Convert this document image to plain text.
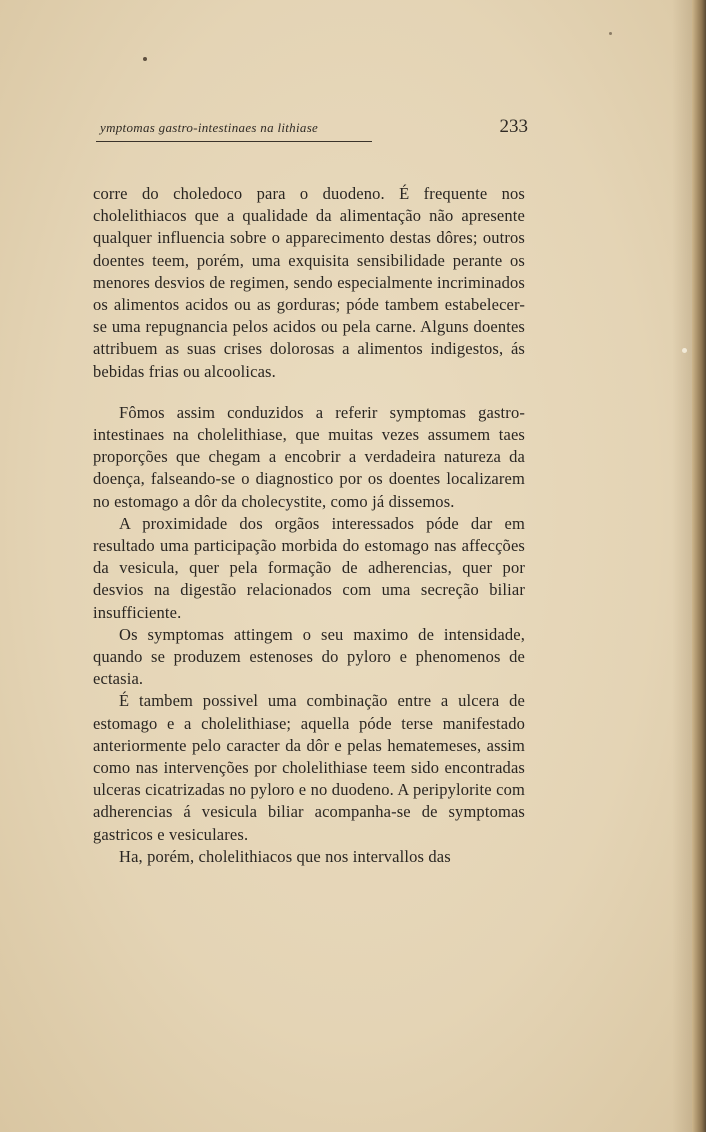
ymptomas gastro-intestinaes na lithiase	233

corre do choledoco para o duodeno. É frequente nos cholelithiacos que a qualidade da alimentação não apresente qualquer influencia sobre o apparecimento destas dôres; outros doentes teem, porém, uma exquisita sensibilidade perante os menores desvios de regimen, sendo especialmente incriminados os alimentos acidos ou as gorduras; póde tambem estabelecer-se uma repugnancia pelos acidos ou pela carne. Alguns doentes attribuem as suas crises dolorosas a alimentos indigestos, ás bebidas frias ou alcoolicas.

Fômos assim conduzidos a referir symptomas gastro-intestinaes na cholelithiase, que muitas vezes assumem taes proporções que chegam a encobrir a verdadeira natureza da doença, falseando-se o diagnostico por os doentes localizarem no estomago a dôr da cholecystite, como já dissemos.

A proximidade dos orgãos interessados póde dar em resultado uma participação morbida do estomago nas affecções da vesicula, quer pela formação de adherencias, quer por desvios na digestão relacionados com uma secreção biliar insufficiente.

Os symptomas attingem o seu maximo de intensidade, quando se produzem estenoses do pyloro e phenomenos de ectasia.

É tambem possivel uma combinação entre a ulcera de estomago e a cholelithiase; aquella póde terse manifestado anteriormente pelo caracter da dôr e pelas hematemeses, assim como nas intervenções por cholelithiase teem sido encontradas ulceras cicatrizadas no pyloro e no duodeno. A peripylorite com adherencias á vesicula biliar acompanha-se de symptomas gastricos e vesiculares.

Ha, porém, cholelithiacos que nos intervallos das
